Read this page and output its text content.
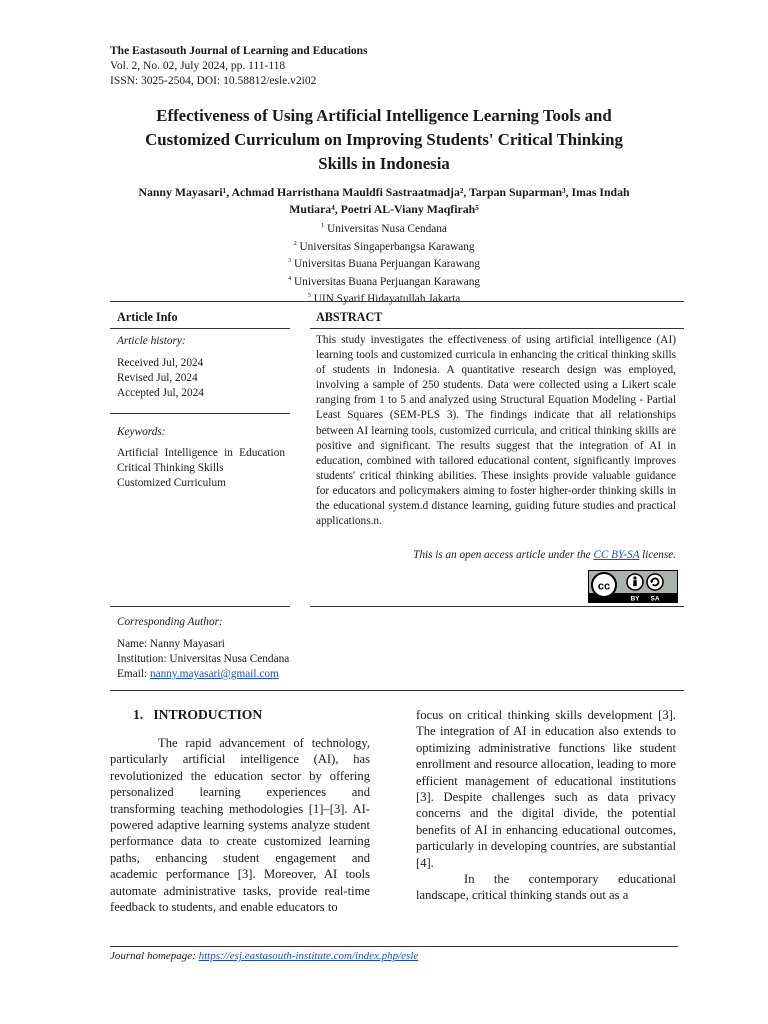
The Eastasouth Journal of Learning and Educations
Vol. 2, No. 02, July 2024, pp. 111-118
ISSN: 3025-2504, DOI: 10.58812/esle.v2i02
Effectiveness of Using Artificial Intelligence Learning Tools and
Customized Curriculum on Improving Students' Critical Thinking
Skills in Indonesia
Nanny Mayasari¹, Achmad Harristhana Mauldfi Sastraatmadja², Tarpan Suparman³, Imas Indah
Mutiara⁴, Poetri AL-Viany Maqfirah⁵
$^1$ Universitas Nusa Cendana
$^2$ Universitas Singaperbangsa Karawang
$^3$ Universitas Buana Perjuangan Karawang
$^4$ Universitas Buana Perjuangan Karawang
$^5$ UIN Syarif Hidayatullah Jakarta
Article Info
Article history:
Received Jul, 2024
Revised Jul, 2024
Accepted Jul, 2024
Keywords:
Artificial Intelligence in Education
Critical Thinking Skills
Customized Curriculum
ABSTRACT
This study investigates the effectiveness of using artificial intelligence (AI) learning tools and customized curricula in enhancing the critical thinking skills of students in Indonesia. A quantitative research design was employed, involving a sample of 250 students. Data were collected using a Likert scale ranging from 1 to 5 and analyzed using Structural Equation Modeling - Partial Least Squares (SEM-PLS 3). The findings indicate that all relationships between AI learning tools, customized curricula, and critical thinking skills are positive and significant. The results suggest that the integration of AI in education, combined with tailored educational content, significantly improves students' critical thinking abilities. These insights provide valuable guidance for educators and policymakers aiming to foster higher-order thinking skills in the educational system.d distance learning, guiding future studies and practical applications.n.
This is an open access article under the CC BY-SA license.
cc
BY SA
Corresponding Author:
Name: Nanny Mayasari
Institution: Universitas Nusa Cendana
Email: nanny.mayasari@gmail.com
1.   INTRODUCTION
The rapid advancement of technology, particularly artificial intelligence (AI), has revolutionized the education sector by offering personalized learning experiences and transforming teaching methodologies [1]–[3]. AI-powered adaptive learning systems analyze student performance data to create customized learning paths, enhancing student engagement and academic performance [3]. Moreover, AI tools automate administrative tasks, provide real-time feedback to students, and enable educators to
focus on critical thinking skills development [3]. The integration of AI in education also extends to optimizing administrative functions like student enrollment and resource allocation, leading to more efficient management of educational institutions [3]. Despite challenges such as data privacy concerns and the digital divide, the potential benefits of AI in enhancing educational outcomes, particularly in developing countries, are substantial [4].
In the contemporary educational landscape, critical thinking stands out as a
Journal homepage: https://esj.eastasouth-institute.com/index.php/esle
